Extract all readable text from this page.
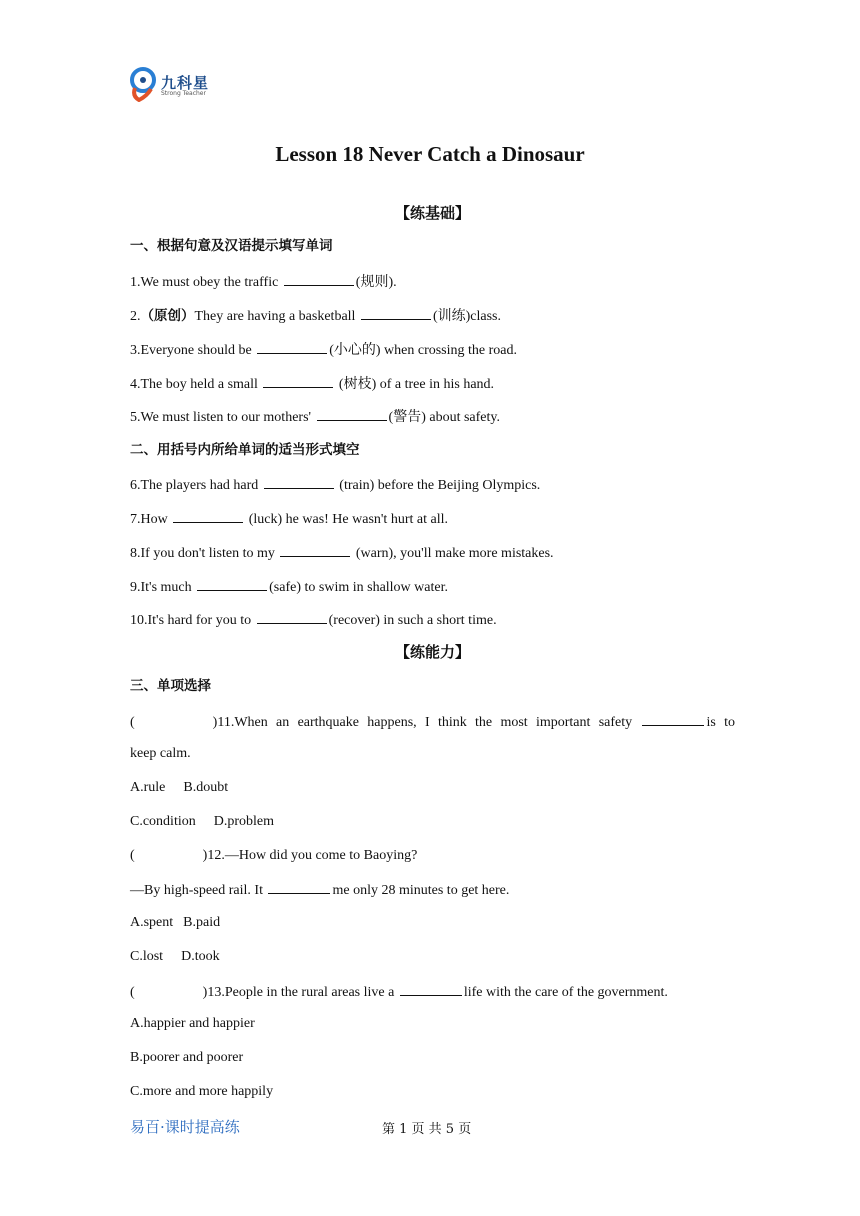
九科星
Strong Teacher
Lesson 18 Never Catch a Dinosaur
【练基础】
一、根据句意及汉语提示填写单词
1.We must obey the traffic	(规则).
2.（原创）They are having a basketball	(训练)class.
3.Everyone should be	(小心的) when crossing the road.
4.The boy held a small	(树枝) of a tree in his hand.
5.We must listen to our mothers'	(警告) about safety.
二、用括号内所给单词的适当形式填空
6.The players had hard	(train) before the Beijing Olympics.
7.How	(luck) he was! He wasn't hurt at all.
8.If you don't listen to my	(warn), you'll make more mistakes.
9.It's much	(safe) to swim in shallow water.
10.It's hard for you to	(recover) in such a short time.
【练能力】
三、单项选择
(	)11.When an earthquake happens, I think the most important safety	is to
keep calm.
A.rule B.doubt
C.condition D.problem
(	)12.—How did you come to Baoying?
—By high-speed rail. It	me only 28 minutes to get here.
A.spent B.paid
C.lost D.took
(	)13.People in the rural areas live a	life with the care of the government.
A.happier and happier
B.poorer and poorer
C.more and more happily
易百·课时提高练	第 1 页 共 5 页
